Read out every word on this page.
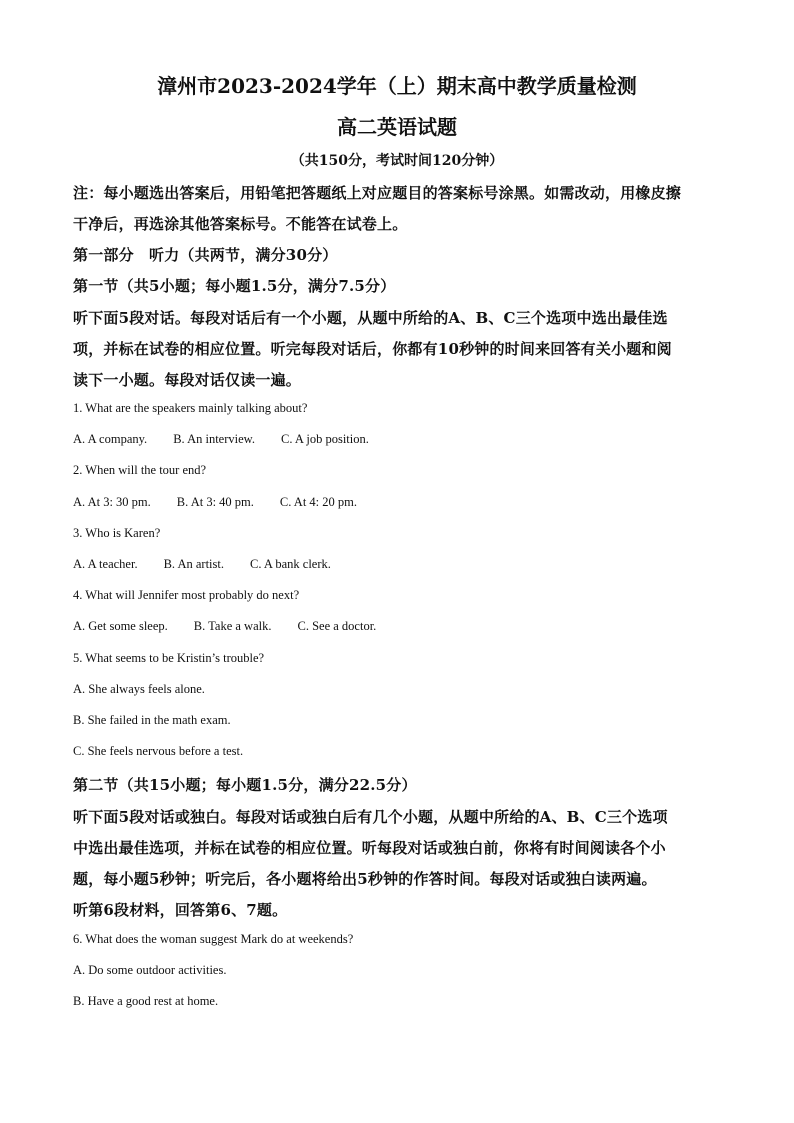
漳州市2023-2024学年（上）期末高中教学质量检测
高二英语试题
（共150分，考试时间120分钟）
注：每小题选出答案后，用铅笔把答题纸上对应题目的答案标号涂黑。如需改动，用橡皮擦
干净后，再选涂其他答案标号。不能答在试卷上。
第一部分　听力（共两节，满分30分）
第一节（共5小题；每小题1.5分，满分7.5分）
听下面5段对话。每段对话后有一个小题，从题中所给的A、B、C三个选项中选出最佳选
项，并标在试卷的相应位置。听完每段对话后，你都有10秒钟的时间来回答有关小题和阅
读下一小题。每段对话仅读一遍。
1. What are the speakers mainly talking about?
A. A company. B. An interview. C. A job position.
2. When will the tour end?
A. At 3: 30 pm. B. At 3: 40 pm. C. At 4: 20 pm.
3. Who is Karen?
A. A teacher. B. An artist. C. A bank clerk.
4. What will Jennifer most probably do next?
A. Get some sleep. B. Take a walk. C. See a doctor.
5. What seems to be Kristin’s trouble?
A. She always feels alone.
B. She failed in the math exam.
C. She feels nervous before a test.
第二节（共15小题；每小题1.5分，满分22.5分）
听下面5段对话或独白。每段对话或独白后有几个小题，从题中所给的A、B、C三个选项
中选出最佳选项，并标在试卷的相应位置。听每段对话或独白前，你将有时间阅读各个小
题，每小题5秒钟；听完后，各小题将给出5秒钟的作答时间。每段对话或独白读两遍。
听第6段材料，回答第6、7题。
6. What does the woman suggest Mark do at weekends?
A. Do some outdoor activities.
B. Have a good rest at home.
